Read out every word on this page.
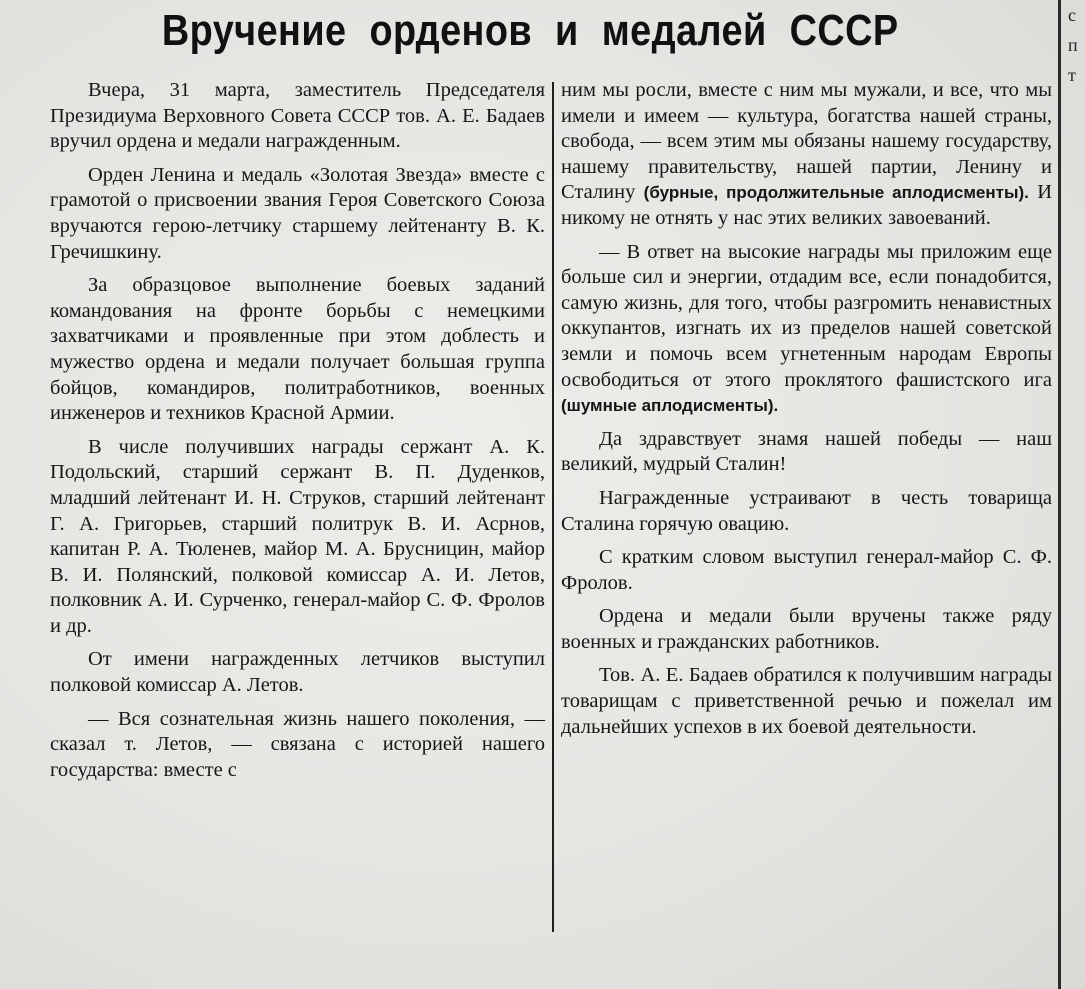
Вручение орденов и медалей СССР

Вчера, 31 марта, заместитель Председателя Президиума Верховного Совета СССР тов. А. Е. Бадаев вручил ордена и медали награжденным.

Орден Ленина и медаль «Золотая Звезда» вместе с грамотой о присвоении звания Героя Советского Союза вручаются герою-летчику старшему лейтенанту В. К. Гречишкину.

За образцовое выполнение боевых заданий командования на фронте борьбы с немецкими захватчиками и проявленные при этом доблесть и мужество ордена и медали получает большая группа бойцов, командиров, политработников, военных инженеров и техников Красной Армии.

В числе получивших награды сержант А. К. Подольский, старший сержант В. П. Дуденков, младший лейтенант И. Н. Струков, старший лейтенант Г. А. Григорьев, старший политрук В. И. Асрнов, капитан Р. А. Тюленев, майор М. А. Брусницин, майор В. И. Полянский, полковой комиссар А. И. Летов, полковник А. И. Сурченко, генерал-майор С. Ф. Фролов и др.

От имени награжденных летчиков выступил полковой комиссар А. Летов.

— Вся сознательная жизнь нашего поколения, — сказал т. Летов, — связана с историей нашего государства: вместе с

ним мы росли, вместе с ним мы мужали, и все, что мы имели и имеем — культура, богатства нашей страны, свобода, — всем этим мы обязаны нашему государству, нашему правительству, нашей партии, Ленину и Сталину (бурные, продолжительные аплодисменты). И никому не отнять у нас этих великих завоеваний.

— В ответ на высокие награды мы приложим еще больше сил и энергии, отдадим все, если понадобится, самую жизнь, для того, чтобы разгромить ненавистных оккупантов, изгнать их из пределов нашей советской земли и помочь всем угнетенным народам Европы освободиться от этого проклятого фашистского ига (шумные аплодисменты).

Да здравствует знамя нашей победы — наш великий, мудрый Сталин!

Награжденные устраивают в честь товарища Сталина горячую овацию.

С кратким словом выступил генерал-майор С. Ф. Фролов.

Ордена и медали были вручены также ряду военных и гражданских работников.

Тов. А. Е. Бадаев обратился к получившим награды товарищам с приветственной речью и пожелал им дальнейших успехов в их боевой деятельности.

с
п
т
